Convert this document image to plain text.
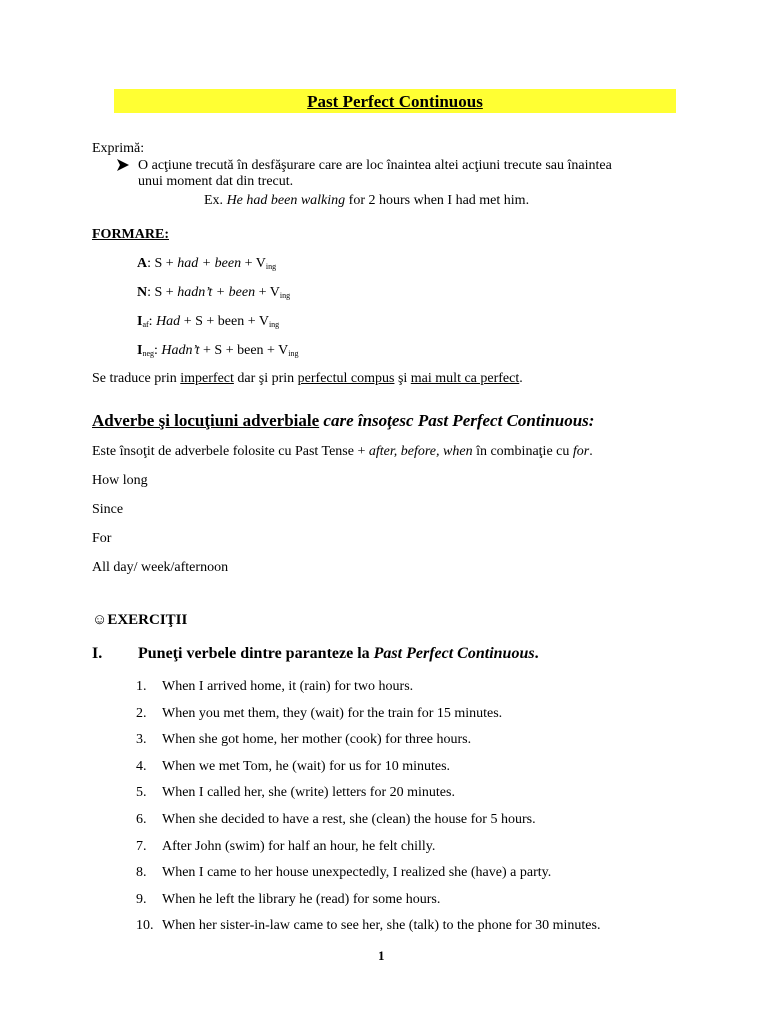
Past Perfect Continuous
Exprimă:
O acţiune trecută în desfăşurare care are loc înaintea altei acţiuni trecute sau înaintea
unui moment dat din trecut.
Ex. He had been walking for 2 hours when I had met him.
FORMARE:
A: S + had + been + $V_{ing}$
N: S + hadn’t + been + $V_{ing}$
$I_{af}$: Had + S + been + $V_{ing}$
$I_{neg}$: Hadn’t + S + been + $V_{ing}$
Se traduce prin imperfect dar şi prin perfectul compus şi mai mult ca perfect.
Adverbe şi locuţiuni adverbiale care însoţesc Past Perfect Continuous:
Este însoţit de adverbele folosite cu Past Tense + after, before, when în combinaţie cu for.
How long
Since
For
All day/ week/afternoon
☺EXERCIŢII
I. Puneţi verbele dintre paranteze la Past Perfect Continuous.
1.	When I arrived home, it (rain) for two hours.
2.	When you met them, they (wait) for the train for 15 minutes.
3.	When she got home, her mother (cook) for three hours.
4.	When we met Tom, he (wait) for us for 10 minutes.
5.	When I called her, she (write) letters for 20 minutes.
6.	When she decided to have a rest, she (clean) the house for 5 hours.
7.	After John (swim) for half an hour, he felt chilly.
8.	When I came to her house unexpectedly, I realized she (have) a party.
9.	When he left the library he (read) for some hours.
10. When her sister-in-law came to see her, she (talk) to the phone for 30 minutes.
1
